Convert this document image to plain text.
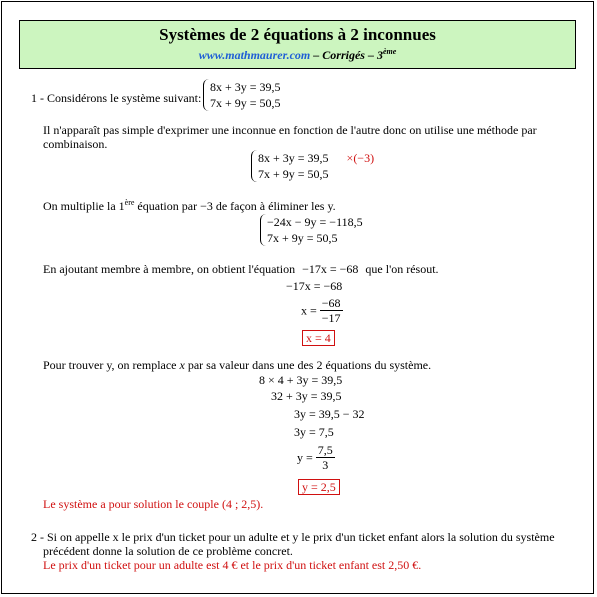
Systèmes de 2 équations à 2 inconnues
www.mathmaurer.com – Corrigés – 3ème
1 - Considérons le système suivant:
8x + 3y = 39,5
7x + 9y = 50,5
Il n'apparaît pas simple d'exprimer une inconnue en fonction de l'autre donc on utilise une méthode par
combinaison.
8x + 3y = 39,5 ×(−3)
7x + 9y = 50,5
On multiplie la 1ère équation par −3 de façon à éliminer les y.
−24x − 9y = −118,5
7x + 9y = 50,5
En ajoutant membre à membre, on obtient l'équation −17x = −68 que l'on résout.
−17x = −68
$x = \frac{-68}{-17}$
x = 4
Pour trouver y, on remplace x par sa valeur dans une des 2 équations du système.
8 × 4 + 3y = 39,5
32 + 3y = 39,5
3y = 39,5 − 32
3y = 7,5
$y = \frac{7,5}{3}$
y = 2,5
Le système a pour solution le couple (4 ; 2,5).
2 - Si on appelle x le prix d'un ticket pour un adulte et y le prix d'un ticket enfant alors la solution du système
précédent donne la solution de ce problème concret.
Le prix d'un ticket pour un adulte est 4 € et le prix d'un ticket enfant est 2,50 €.
